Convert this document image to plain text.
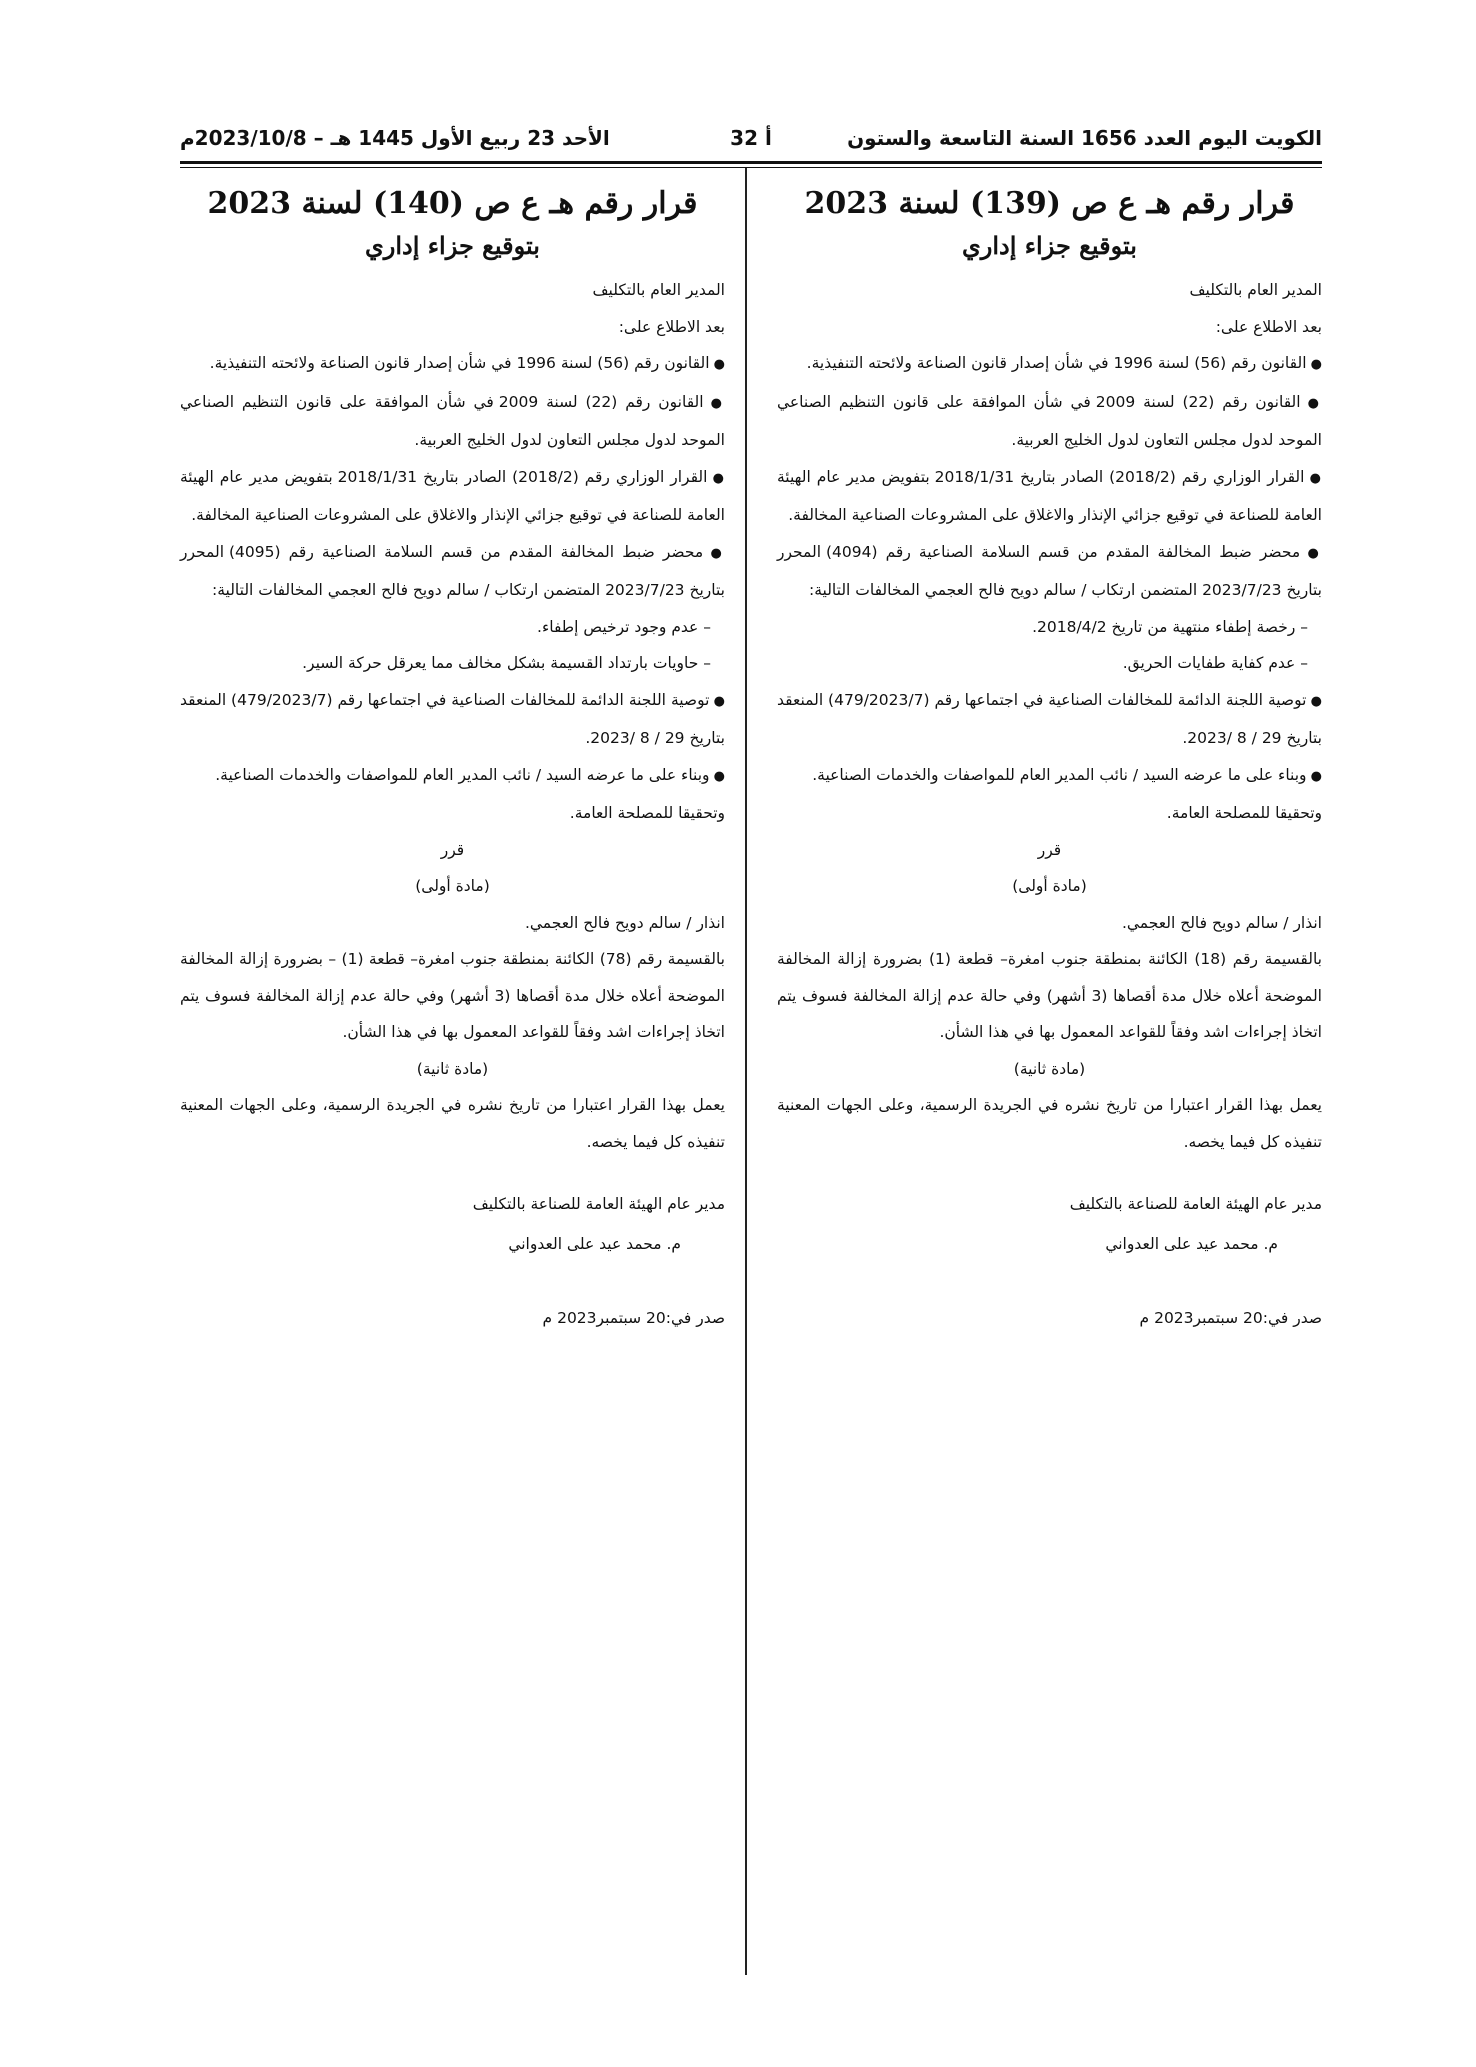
الكويت اليوم العدد 1656 السنة التاسعة والستون
أ 32
الأحد 23 ربيع الأول 1445 هـ – 2023/10/8م
قرار رقم هـ ع ص (139) لسنة 2023
بتوقيع جزاء إداري

المدير العام بالتكليف

بعد الاطلاع على:

● القانون رقم (56) لسنة 1996 في شأن إصدار قانون الصناعة ولائحته التنفيذية.

● القانون رقم (22) لسنة 2009 في شأن الموافقة على قانون التنظيم الصناعي الموحد لدول مجلس التعاون لدول الخليج العربية.

● القرار الوزاري رقم (2018/2) الصادر بتاريخ 2018/1/31 بتفويض مدير عام الهيئة العامة للصناعة في توقيع جزائي الإنذار والاغلاق على المشروعات الصناعية المخالفة.

● محضر ضبط المخالفة المقدم من قسم السلامة الصناعية رقم (4094) المحرر بتاريخ 2023/7/23 المتضمن ارتكاب / سالم دويح فالح العجمي المخالفات التالية:

– رخصة إطفاء منتهية من تاريخ 2018/4/2.

– عدم كفاية طفايات الحريق.

● توصية اللجنة الدائمة للمخالفات الصناعية في اجتماعها رقم (479/2023/7) المنعقد بتاريخ 29 / 8 /2023.

● وبناء على ما عرضه السيد / نائب المدير العام للمواصفات والخدمات الصناعية.

وتحقيقا للمصلحة العامة.

قرر

(مادة أولى)

انذار / سالم دويح فالح العجمي.

بالقسيمة رقم (18) الكائنة بمنطقة جنوب امغرة– قطعة (1) بضرورة إزالة المخالفة الموضحة أعلاه خلال مدة أقصاها (3 أشهر) وفي حالة عدم إزالة المخالفة فسوف يتم اتخاذ إجراءات اشد وفقاً للقواعد المعمول بها في هذا الشأن.

(مادة ثانية)

يعمل بهذا القرار اعتبارا من تاريخ نشره في الجريدة الرسمية، وعلى الجهات المعنية تنفيذه كل فيما يخصه.

مدير عام الهيئة العامة للصناعة بالتكليف

م. محمد عيد على العدواني

صدر في:20 سبتمبر2023 م

قرار رقم هـ ع ص (140) لسنة 2023
بتوقيع جزاء إداري

المدير العام بالتكليف

بعد الاطلاع على:

● القانون رقم (56) لسنة 1996 في شأن إصدار قانون الصناعة ولائحته التنفيذية.

● القانون رقم (22) لسنة 2009 في شأن الموافقة على قانون التنظيم الصناعي الموحد لدول مجلس التعاون لدول الخليج العربية.

● القرار الوزاري رقم (2018/2) الصادر بتاريخ 2018/1/31 بتفويض مدير عام الهيئة العامة للصناعة في توقيع جزائي الإنذار والاغلاق على المشروعات الصناعية المخالفة.

● محضر ضبط المخالفة المقدم من قسم السلامة الصناعية رقم (4095) المحرر بتاريخ 2023/7/23 المتضمن ارتكاب / سالم دويح فالح العجمي المخالفات التالية:

– عدم وجود ترخيص إطفاء.

– حاويات بارتداد القسيمة بشكل مخالف مما يعرقل حركة السير.

● توصية اللجنة الدائمة للمخالفات الصناعية في اجتماعها رقم (479/2023/7) المنعقد بتاريخ 29 / 8 /2023.

● وبناء على ما عرضه السيد / نائب المدير العام للمواصفات والخدمات الصناعية.

وتحقيقا للمصلحة العامة.

قرر

(مادة أولى)

انذار / سالم دويح فالح العجمي.

بالقسيمة رقم (78) الكائنة بمنطقة جنوب امغرة– قطعة (1) – بضرورة إزالة المخالفة الموضحة أعلاه خلال مدة أقصاها (3 أشهر) وفي حالة عدم إزالة المخالفة فسوف يتم اتخاذ إجراءات اشد وفقاً للقواعد المعمول بها في هذا الشأن.

(مادة ثانية)

يعمل بهذا القرار اعتبارا من تاريخ نشره في الجريدة الرسمية، وعلى الجهات المعنية تنفيذه كل فيما يخصه.

مدير عام الهيئة العامة للصناعة بالتكليف

م. محمد عيد على العدواني

صدر في:20 سبتمبر2023 م
